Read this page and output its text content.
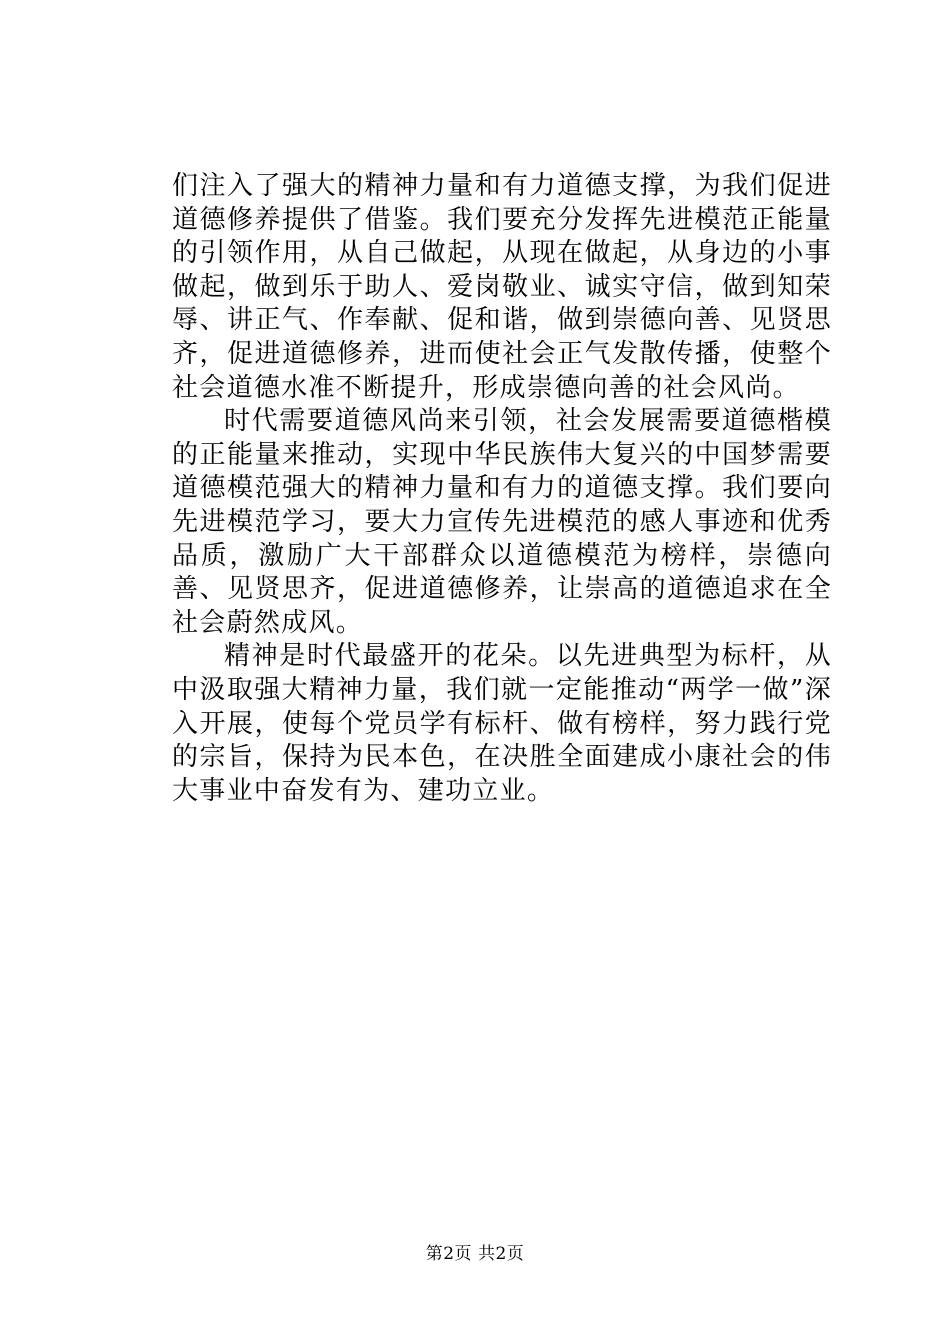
们注入了强大的精神力量和有力道德支撑，为我们促进道德修养提供了借鉴。我们要充分发挥先进模范正能量的引领作用，从自己做起，从现在做起，从身边的小事做起，做到乐于助人、爱岗敬业、诚实守信，做到知荣辱、讲正气、作奉献、促和谐，做到崇德向善、见贤思齐，促进道德修养，进而使社会正气发散传播，使整个社会道德水准不断提升，形成崇德向善的社会风尚。

时代需要道德风尚来引领，社会发展需要道德楷模的正能量来推动，实现中华民族伟大复兴的中国梦需要道德模范强大的精神力量和有力的道德支撑。我们要向先进模范学习，要大力宣传先进模范的感人事迹和优秀品质，激励广大干部群众以道德模范为榜样，崇德向善、见贤思齐，促进道德修养，让崇高的道德追求在全社会蔚然成风。

精神是时代最盛开的花朵。以先进典型为标杆，从中汲取强大精神力量，我们就一定能推动“两学一做”深入开展，使每个党员学有标杆、做有榜样，努力践行党的宗旨，保持为民本色，在决胜全面建成小康社会的伟大事业中奋发有为、建功立业。

第2页 共2页
